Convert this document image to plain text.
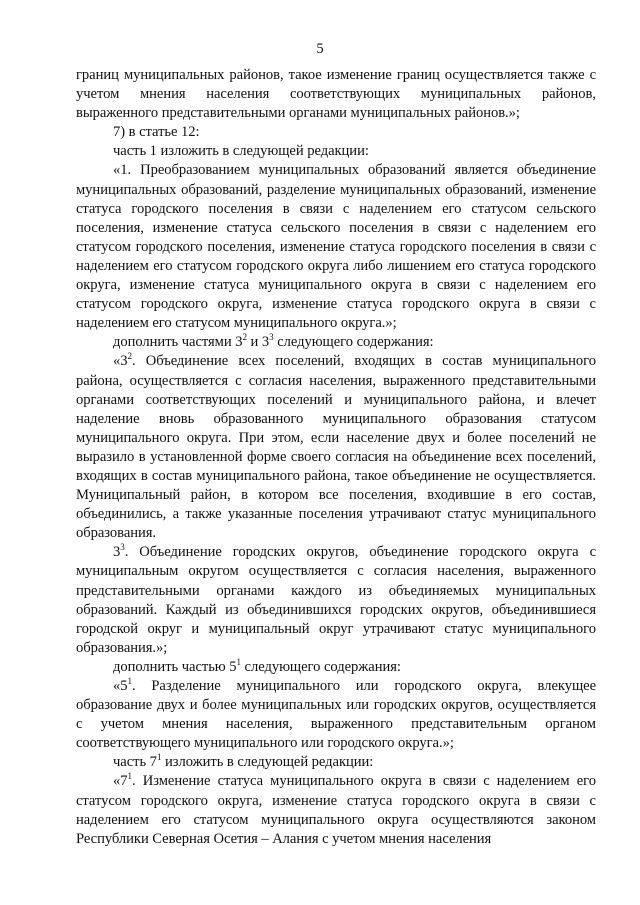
5

границ муниципальных районов, такое изменение границ осуществляется также с учетом мнения населения соответствующих муниципальных районов, выраженного представительными органами муниципальных районов.»;

7) в статье 12:

часть 1 изложить в следующей редакции:

«1. Преобразованием муниципальных образований является объединение муниципальных образований, разделение муниципальных образований, изменение статуса городского поселения в связи с наделением его статусом сельского поселения, изменение статуса сельского поселения в связи с наделением его статусом городского поселения, изменение статуса городского поселения в связи с наделением его статусом городского округа либо лишением его статуса городского округа, изменение статуса муниципального округа в связи с наделением его статусом городского округа, изменение статуса городского округа в связи с наделением его статусом муниципального округа.»;

дополнить частями $3^2$ и $3^3$ следующего содержания:

«$3^2$. Объединение всех поселений, входящих в состав муниципального района, осуществляется с согласия населения, выраженного представительными органами соответствующих поселений и муниципального района, и влечет наделение вновь образованного муниципального образования статусом муниципального округа. При этом, если население двух и более поселений не выразило в установленной форме своего согласия на объединение всех поселений, входящих в состав муниципального района, такое объединение не осуществляется. Муниципальный район, в котором все поселения, входившие в его состав, объединились, а также указанные поселения утрачивают статус муниципального образования.

$3^3$. Объединение городских округов, объединение городского округа с муниципальным округом осуществляется с согласия населения, выраженного представительными органами каждого из объединяемых муниципальных образований. Каждый из объединившихся городских округов, объединившиеся городской округ и муниципальный округ утрачивают статус муниципального образования.»;

дополнить частью $5^1$ следующего содержания:

«$5^1$. Разделение муниципального или городского округа, влекущее образование двух и более муниципальных или городских округов, осуществляется с учетом мнения населения, выраженного представительным органом соответствующего муниципального или городского округа.»;

часть $7^1$ изложить в следующей редакции:

«$7^1$. Изменение статуса муниципального округа в связи с наделением его статусом городского округа, изменение статуса городского округа в связи с наделением его статусом муниципального округа осуществляются законом Республики Северная Осетия – Алания с учетом мнения населения
